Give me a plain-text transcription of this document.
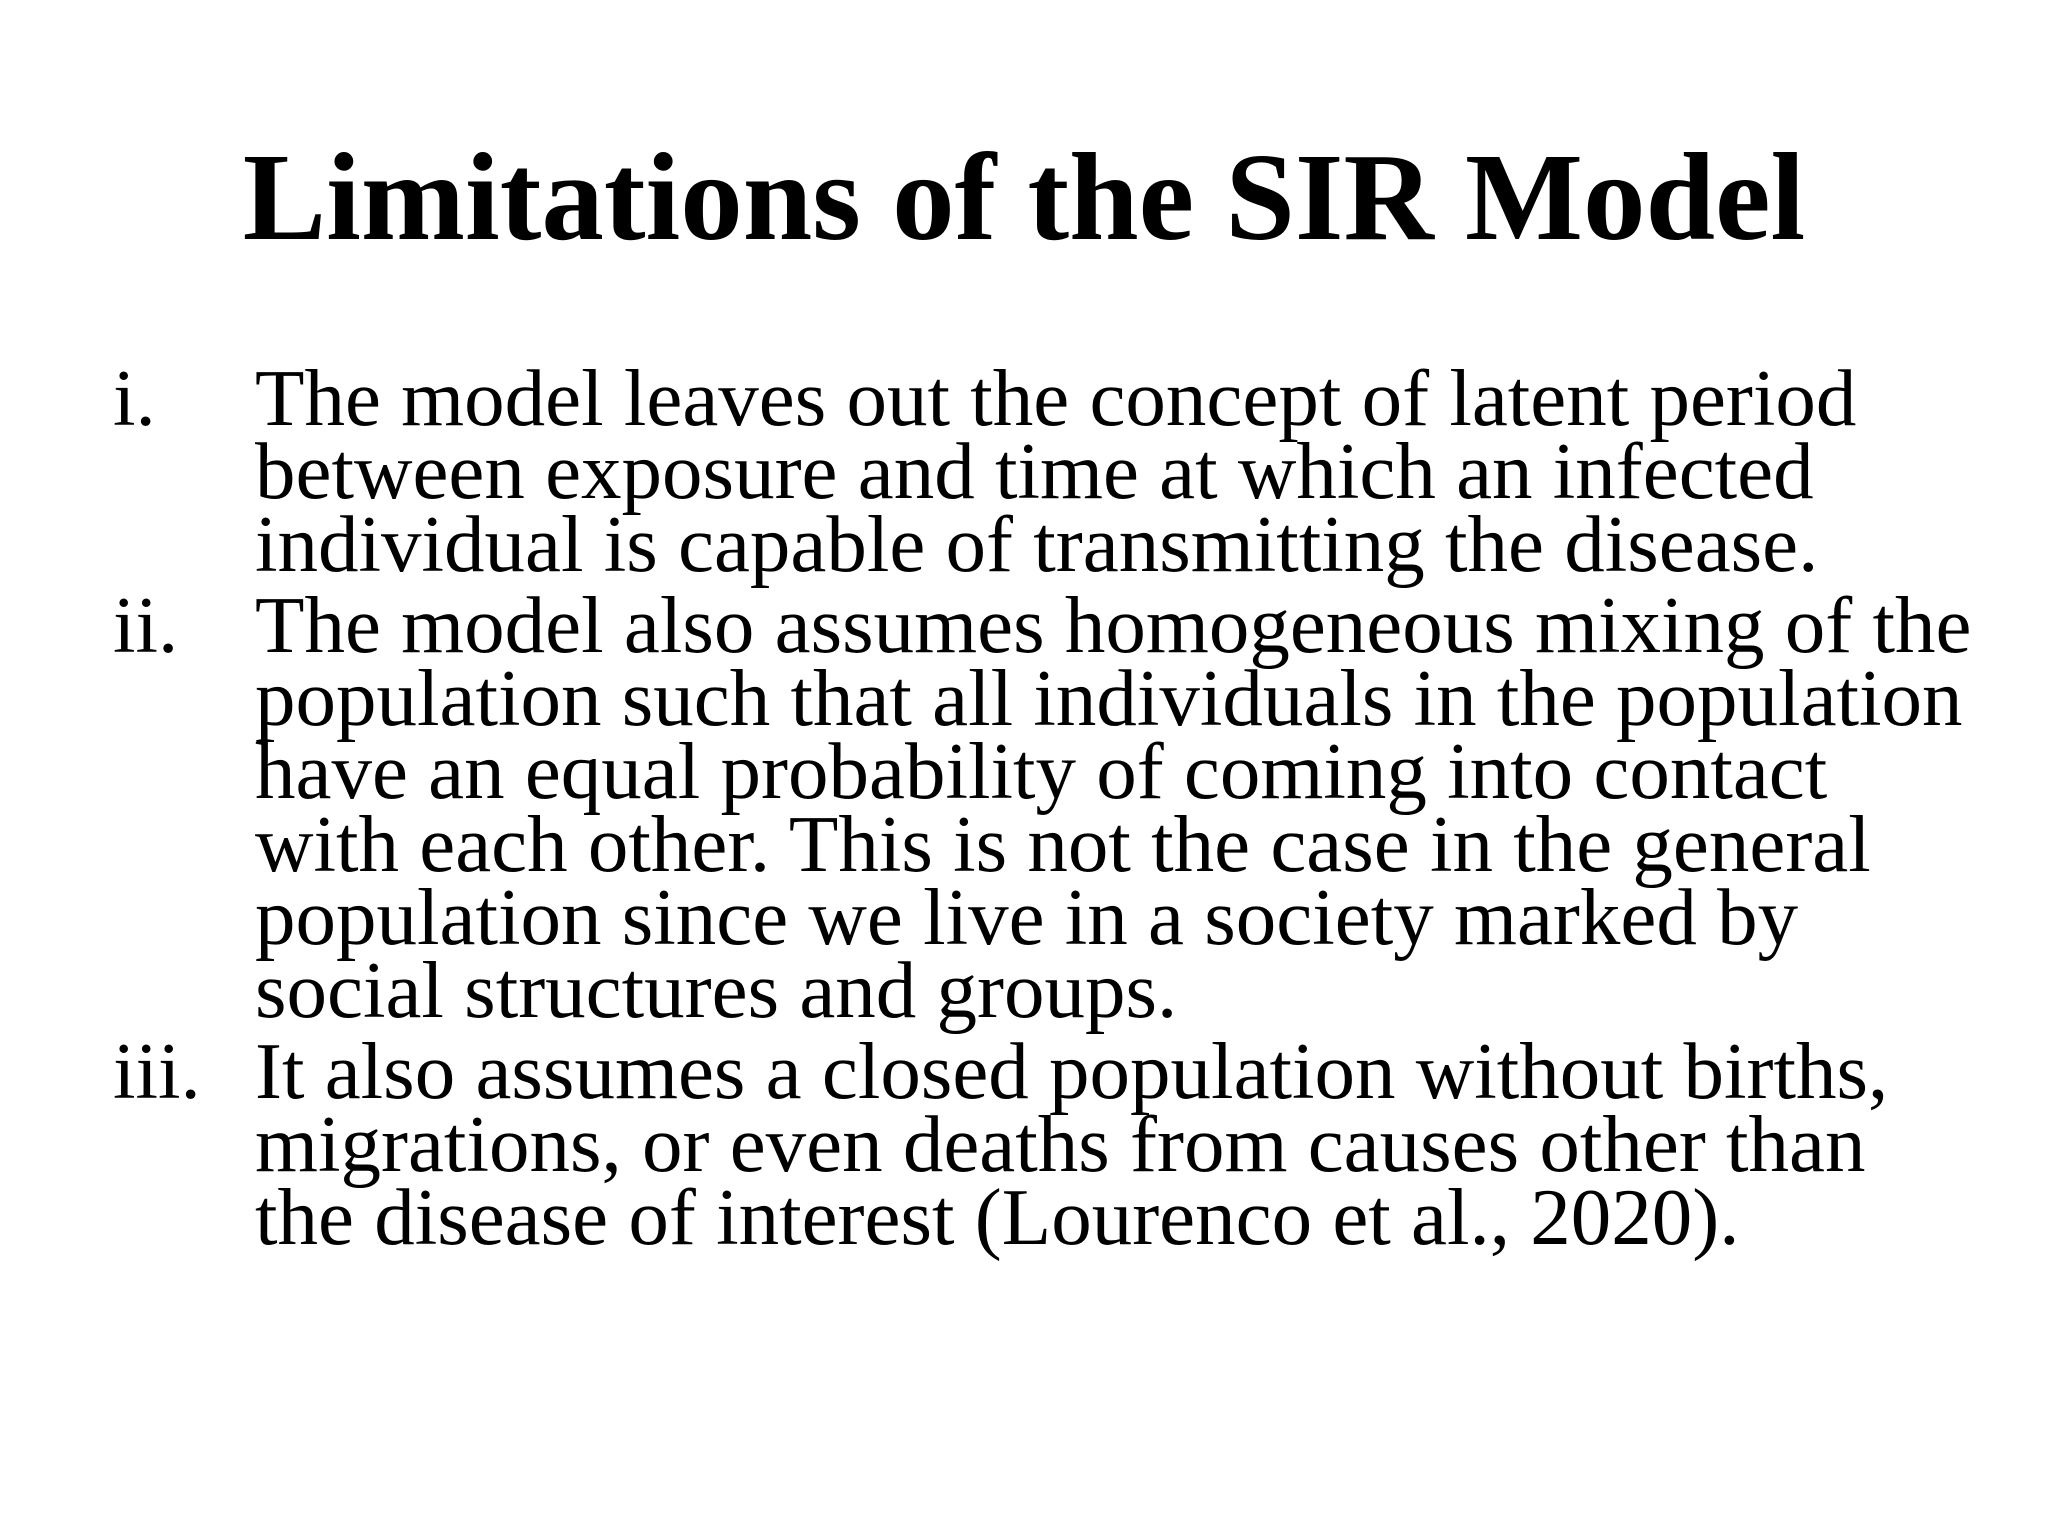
Limitations of the SIR Model
i. The model leaves out the concept of latent period between exposure and time at which an infected individual is capable of transmitting the disease.
ii. The model also assumes homogeneous mixing of the population such that all individuals in the population have an equal probability of coming into contact with each other. This is not the case in the general population since we live in a society marked by social structures and groups.
iii. It also assumes a closed population without births, migrations, or even deaths from causes other than the disease of interest (Lourenco et al., 2020).
